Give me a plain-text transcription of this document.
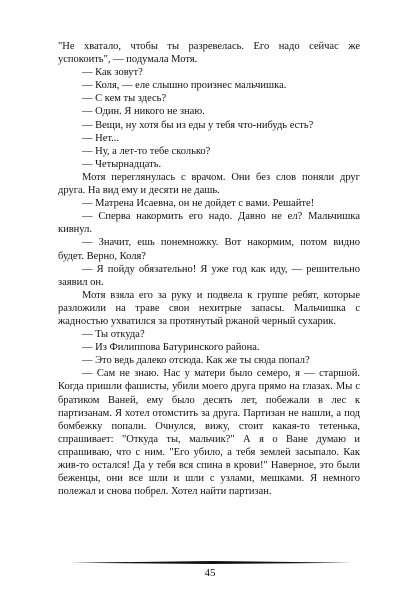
"Не хватало, чтобы ты разревелась. Его надо сейчас же успокоить", — подумала Мотя.

— Как зовут?

— Коля, — еле слышно произнес мальчишка.

— С кем ты здесь?

— Один. Я никого не знаю.

— Вещи, ну хотя бы из еды у тебя что-нибудь есть?

— Нет...

— Ну, а лет-то тебе сколько?

— Четырнадцать.

Мотя переглянулась с врачом. Они без слов поняли друг друга. На вид ему и десяти не дашь.

— Матрена Исаевна, он не дойдет с вами. Решайте!

— Сперва накормить его надо. Давно не ел? Мальчишка кивнул.

— Значит, ешь понемножку. Вот накормим, потом видно будет. Верно, Коля?

— Я пойду обязательно! Я уже год как иду, — решительно заявил он.

Мотя взяла его за руку и подвела к группе ребят, которые разложили на траве свои нехитрые запасы. Мальчишка с жадностью ухватился за протянутый ржаной черный сухарик.

— Ты откуда?

— Из Филиппова Батуринского района.

— Это ведь далеко отсюда. Как же ты сюда попал?

— Сам не знаю. Нас у матери было семеро, я — старшой. Когда пришли фашисты, убили моего друга прямо на глазах. Мы с братиком Ваней, ему было десять лет, побежали в лес к партизанам. Я хотел отомстить за друга. Партизан не нашли, а под бомбежку попали. Очнулся, вижу, стоит какая-то тетенька, спрашивает: "Откуда ты, мальчик?" А я о Ване думаю и спрашиваю, что с ним. "Его убило, а тебя землей засыпало. Как жив-то остался! Да у тебя вся спина в крови!" Наверное, это были беженцы, они все шли и шли с узлами, мешками. Я немного полежал и снова побрел. Хотел найти партизан.

45
